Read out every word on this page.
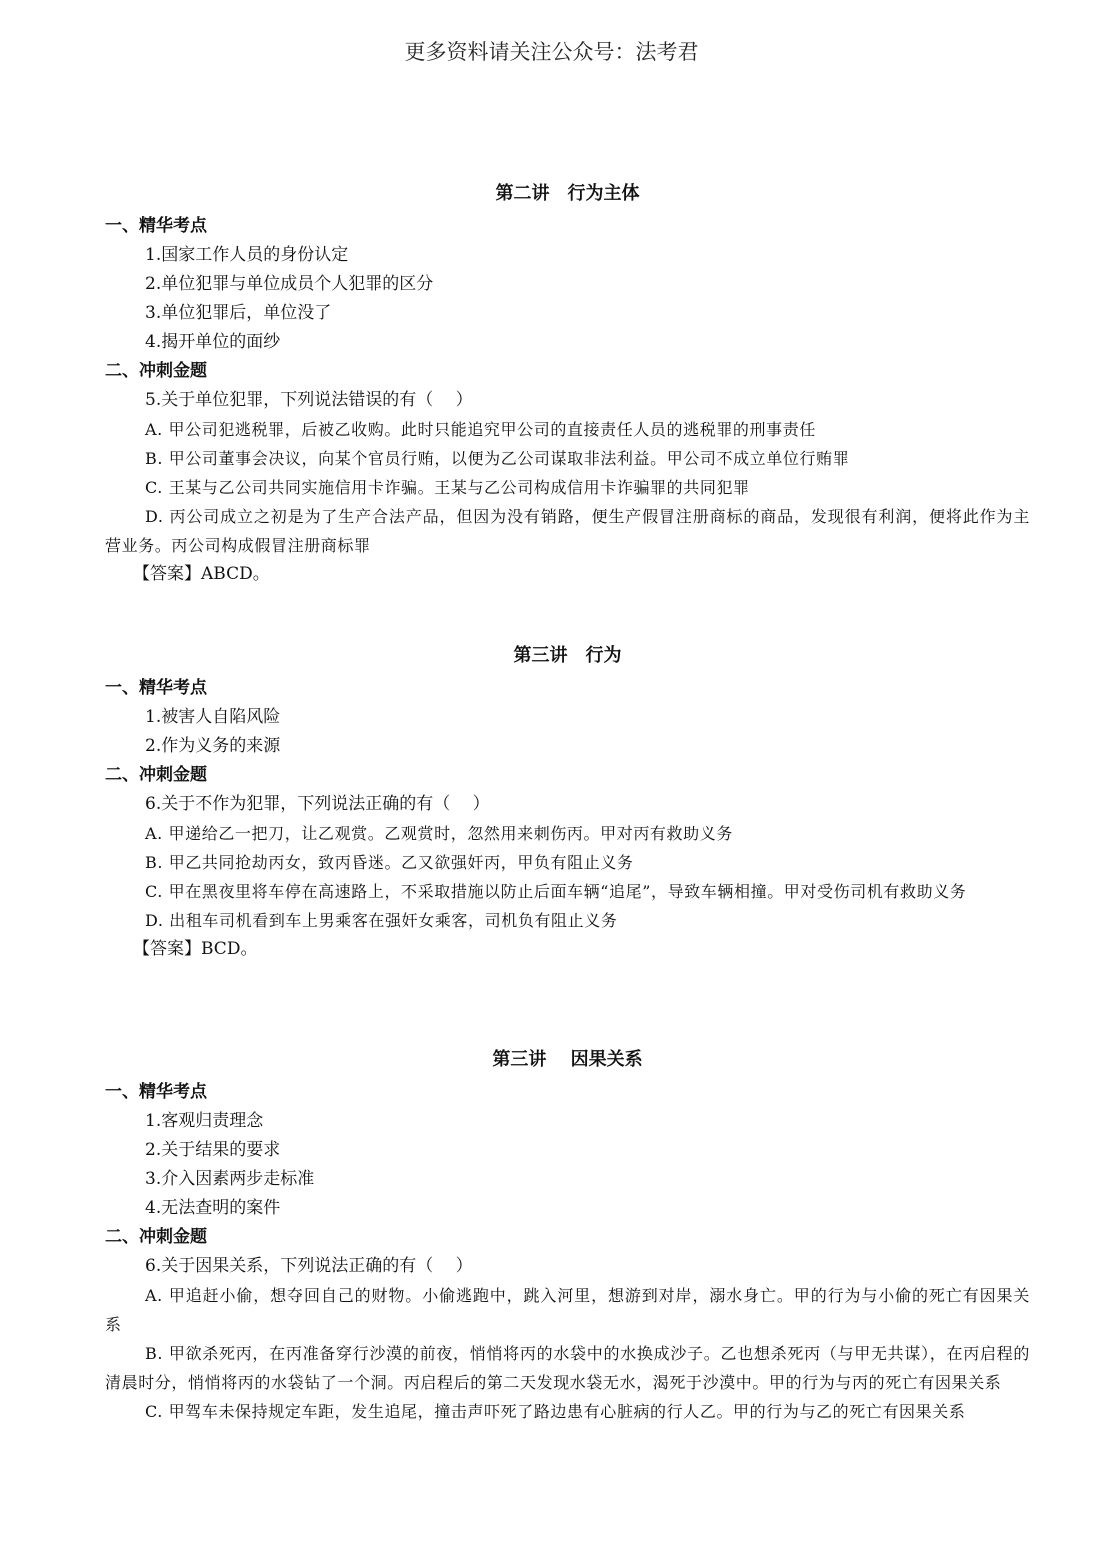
更多资料请关注公众号：法考君
第二讲　行为主体
一、精华考点
1.国家工作人员的身份认定
2.单位犯罪与单位成员个人犯罪的区分
3.单位犯罪后，单位没了
4.揭开单位的面纱
二、冲刺金题
5.关于单位犯罪，下列说法错误的有（　 ）
A. 甲公司犯逃税罪，后被乙收购。此时只能追究甲公司的直接责任人员的逃税罪的刑事责任
B. 甲公司董事会决议，向某个官员行贿，以便为乙公司谋取非法利益。甲公司不成立单位行贿罪
C. 王某与乙公司共同实施信用卡诈骗。王某与乙公司构成信用卡诈骗罪的共同犯罪
D. 丙公司成立之初是为了生产合法产品，但因为没有销路，便生产假冒注册商标的商品，发现很有利润，便将此作为主营业务。丙公司构成假冒注册商标罪
【答案】ABCD。
第三讲　行为
一、精华考点
1.被害人自陷风险
2.作为义务的来源
二、冲刺金题
6.关于不作为犯罪，下列说法正确的有（　 ）
A. 甲递给乙一把刀，让乙观赏。乙观赏时，忽然用来刺伤丙。甲对丙有救助义务
B. 甲乙共同抢劫丙女，致丙昏迷。乙又欲强奸丙，甲负有阻止义务
C. 甲在黑夜里将车停在高速路上，不采取措施以防止后面车辆“追尾”，导致车辆相撞。甲对受伤司机有救助义务
D. 出租车司机看到车上男乘客在强奸女乘客，司机负有阻止义务
【答案】BCD。
第三讲　 因果关系
一、精华考点
1.客观归责理念
2.关于结果的要求
3.介入因素两步走标准
4.无法查明的案件
二、冲刺金题
6.关于因果关系，下列说法正确的有（　 ）
A. 甲追赶小偷，想夺回自己的财物。小偷逃跑中，跳入河里，想游到对岸，溺水身亡。甲的行为与小偷的死亡有因果关系
B. 甲欲杀死丙，在丙准备穿行沙漠的前夜，悄悄将丙的水袋中的水换成沙子。乙也想杀死丙（与甲无共谋），在丙启程的清晨时分，悄悄将丙的水袋钻了一个洞。丙启程后的第二天发现水袋无水，渴死于沙漠中。甲的行为与丙的死亡有因果关系
C. 甲驾车未保持规定车距，发生追尾，撞击声吓死了路边患有心脏病的行人乙。甲的行为与乙的死亡有因果关系
